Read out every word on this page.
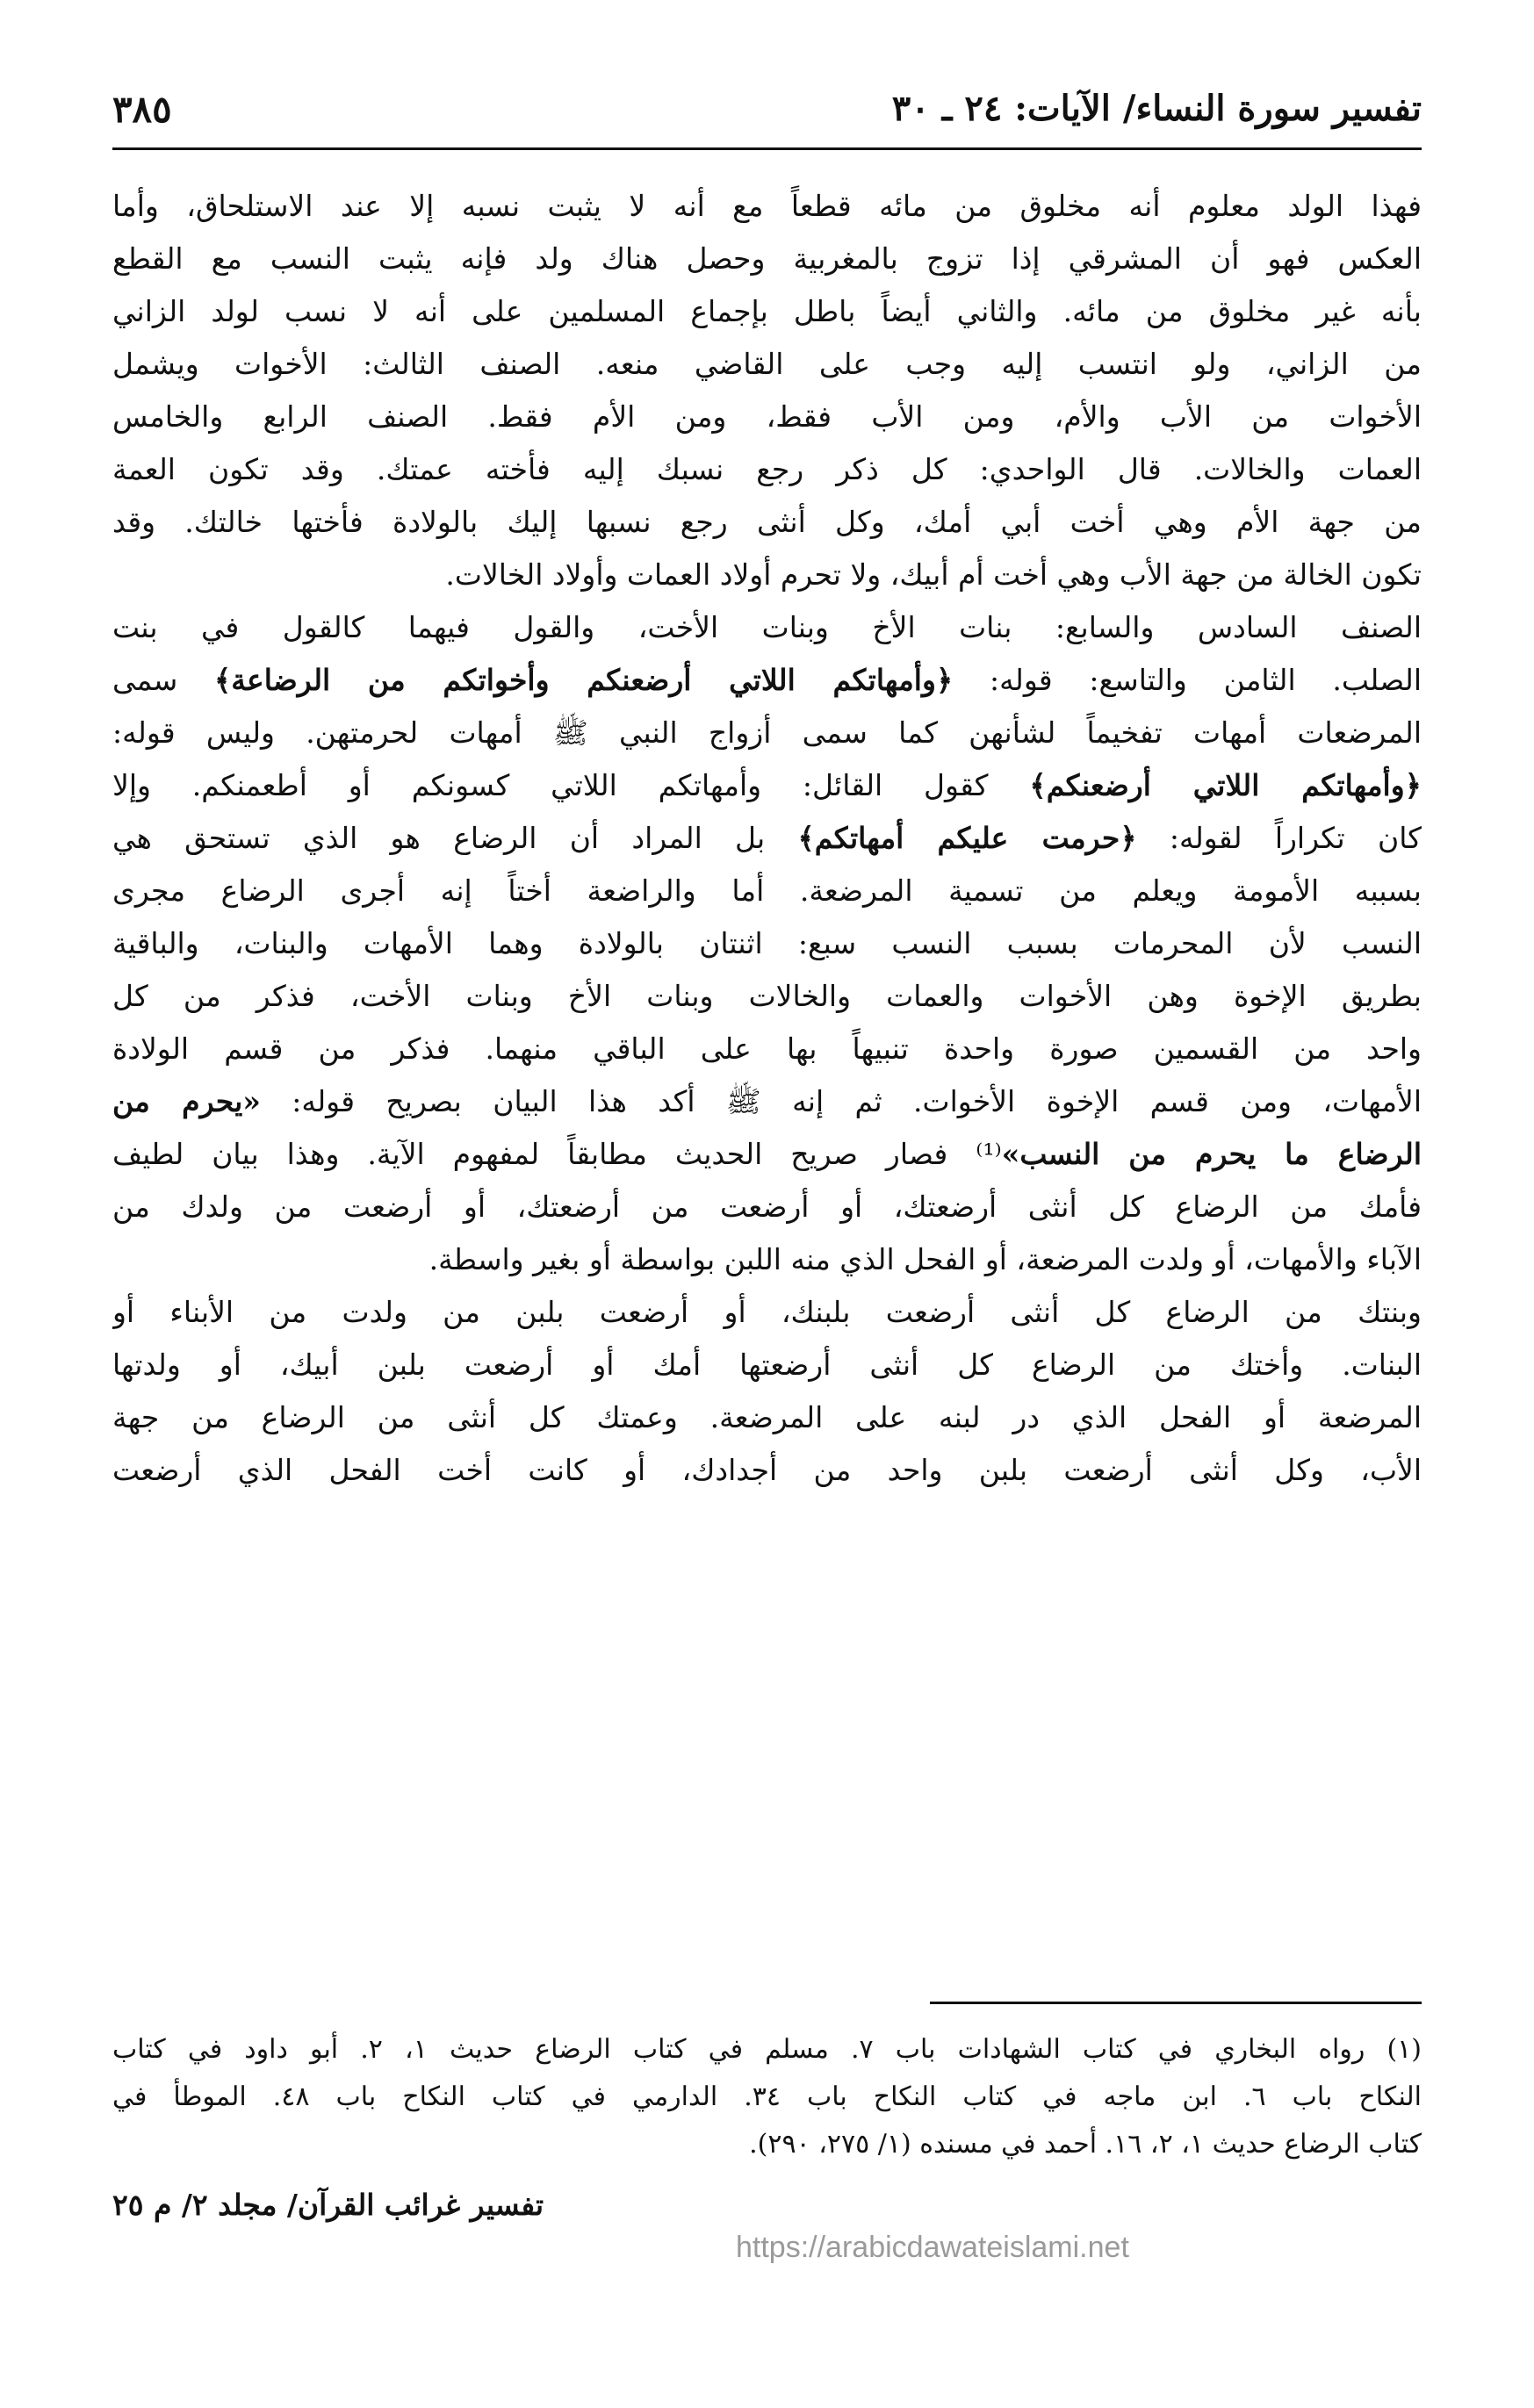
تفسير سورة النساء/ الآيات: ٢٤ ـ ٣٠
٣٨٥
فهذا الولد معلوم أنه مخلوق من مائه قطعاً مع أنه لا يثبت نسبه إلا عند الاستلحاق، وأما
العكس فهو أن المشرقي إذا تزوج بالمغربية وحصل هناك ولد فإنه يثبت النسب مع القطع
بأنه غير مخلوق من مائه. والثاني أيضاً باطل بإجماع المسلمين على أنه لا نسب لولد الزاني
من الزاني، ولو انتسب إليه وجب على القاضي منعه. الصنف الثالث: الأخوات ويشمل
الأخوات من الأب والأم، ومن الأب فقط، ومن الأم فقط. الصنف الرابع والخامس
العمات والخالات. قال الواحدي: كل ذكر رجع نسبك إليه فأخته عمتك. وقد تكون العمة
من جهة الأم وهي أخت أبي أمك، وكل أنثى رجع نسبها إليك بالولادة فأختها خالتك. وقد
تكون الخالة من جهة الأب وهي أخت أم أبيك، ولا تحرم أولاد العمات وأولاد الخالات.
الصنف السادس والسابع: بنات الأخ وبنات الأخت، والقول فيهما كالقول في بنت
الصلب. الثامن والتاسع: قوله: ﴿وأمهاتكم اللاتي أرضعنكم وأخواتكم من الرضاعة﴾ سمى
المرضعات أمهات تفخيماً لشأنهن كما سمى أزواج النبي ﷺ أمهات لحرمتهن. وليس قوله:
﴿وأمهاتكم اللاتي أرضعنكم﴾ كقول القائل: وأمهاتكم اللاتي كسونكم أو أطعمنكم. وإلا
كان تكراراً لقوله: ﴿حرمت عليكم أمهاتكم﴾ بل المراد أن الرضاع هو الذي تستحق هي
بسببه الأمومة ويعلم من تسمية المرضعة. أما والراضعة أختاً إنه أجرى الرضاع مجرى
النسب لأن المحرمات بسبب النسب سبع: اثنتان بالولادة وهما الأمهات والبنات، والباقية
بطريق الإخوة وهن الأخوات والعمات والخالات وبنات الأخ وبنات الأخت، فذكر من كل
واحد من القسمين صورة واحدة تنبيهاً بها على الباقي منهما. فذكر من قسم الولادة
الأمهات، ومن قسم الإخوة الأخوات. ثم إنه ﷺ أكد هذا البيان بصريح قوله: «يحرم من
الرضاع ما يحرم من النسب»⁽¹⁾ فصار صريح الحديث مطابقاً لمفهوم الآية. وهذا بيان لطيف
فأمك من الرضاع كل أنثى أرضعتك، أو أرضعت من أرضعتك، أو أرضعت من ولدك من
الآباء والأمهات، أو ولدت المرضعة، أو الفحل الذي منه اللبن بواسطة أو بغير واسطة.
وبنتك من الرضاع كل أنثى أرضعت بلبنك، أو أرضعت بلبن من ولدت من الأبناء أو
البنات. وأختك من الرضاع كل أنثى أرضعتها أمك أو أرضعت بلبن أبيك، أو ولدتها
المرضعة أو الفحل الذي در لبنه على المرضعة. وعمتك كل أنثى من الرضاع من جهة
الأب، وكل أنثى أرضعت بلبن واحد من أجدادك، أو كانت أخت الفحل الذي أرضعت
(١) رواه البخاري في كتاب الشهادات باب ٧. مسلم في كتاب الرضاع حديث ١، ٢. أبو داود في كتاب
النكاح باب ٦. ابن ماجه في كتاب النكاح باب ٣٤. الدارمي في كتاب النكاح باب ٤٨. الموطأ في
كتاب الرضاع حديث ١، ٢، ١٦. أحمد في مسنده (١/ ٢٧٥، ٢٩٠).
تفسير غرائب القرآن/ مجلد ٢/ م ٢٥
https://arabicdawateislami.net
